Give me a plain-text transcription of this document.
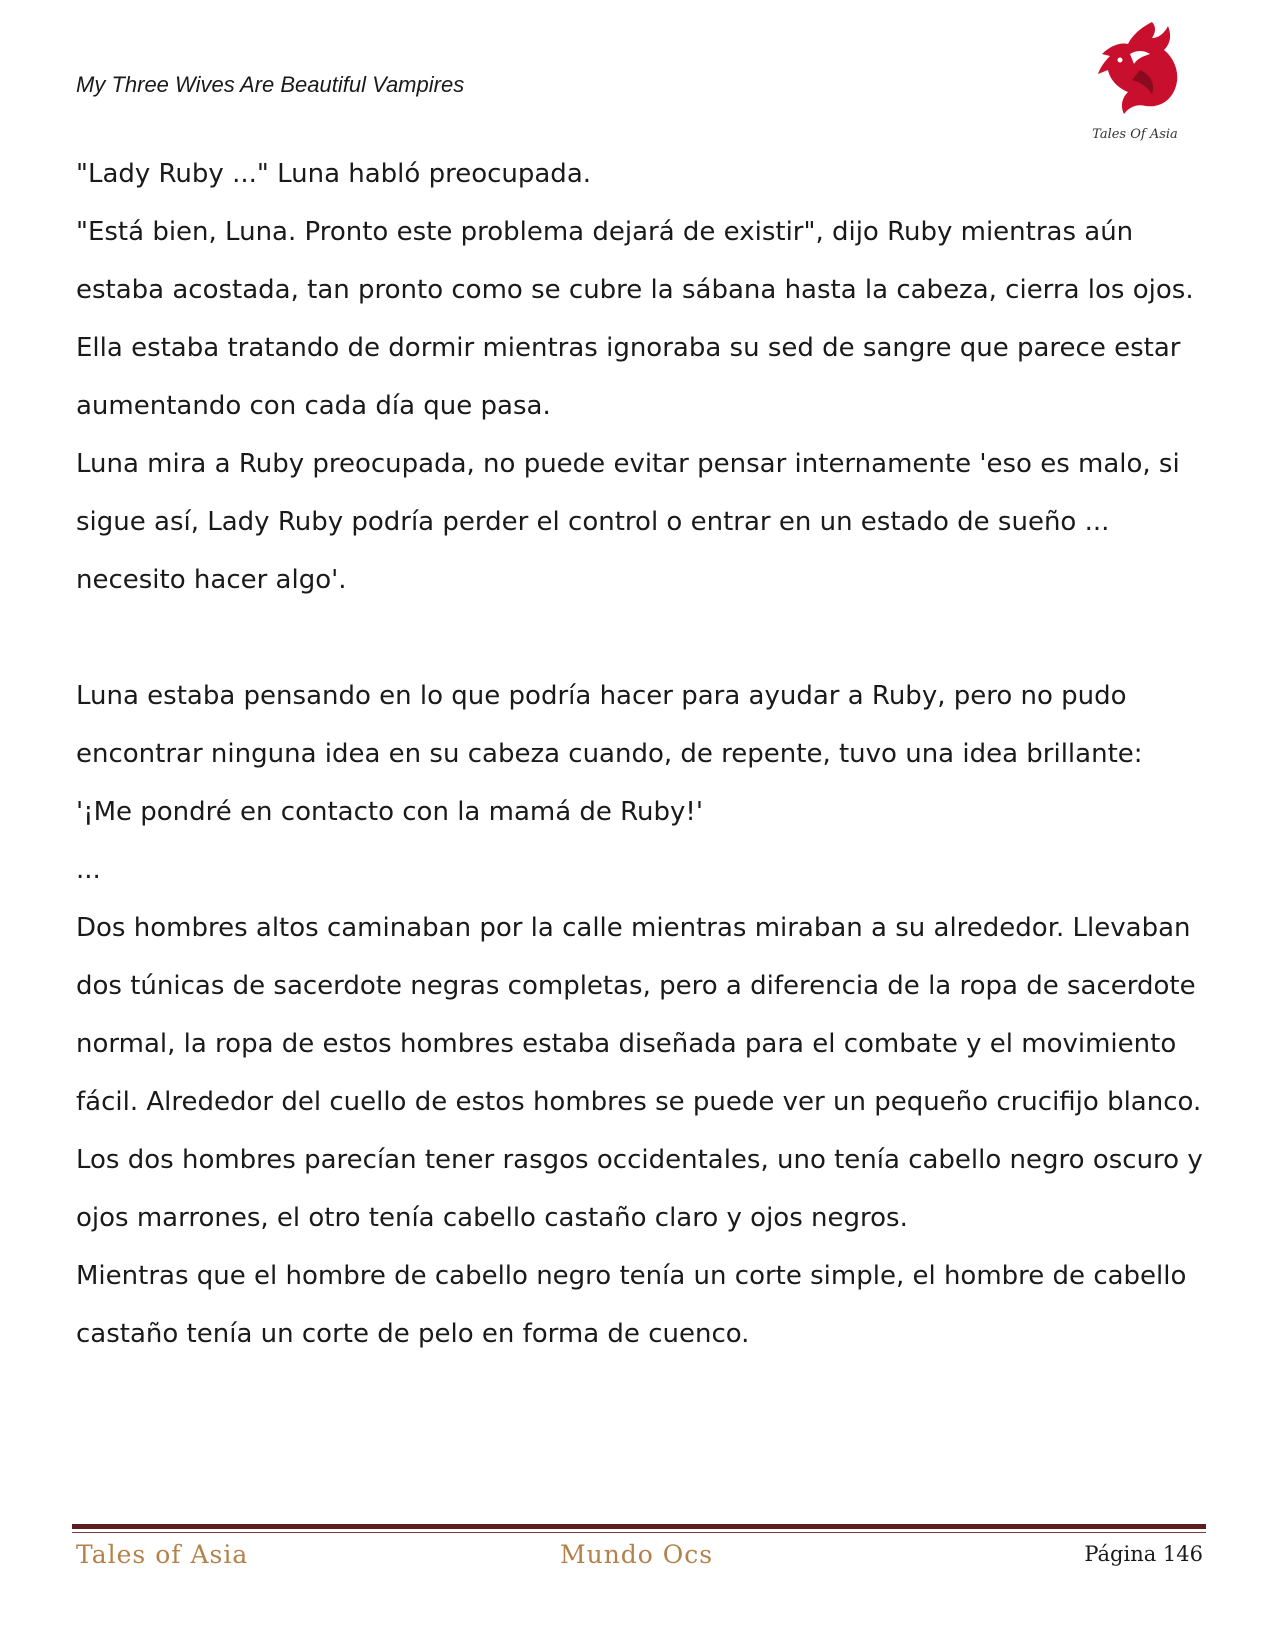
My Three Wives Are Beautiful Vampires
Tales Of Asia

"Lady Ruby ..." Luna habló preocupada.

"Está bien, Luna. Pronto este problema dejará de existir", dijo Ruby mientras aún estaba acostada, tan pronto como se cubre la sábana hasta la cabeza, cierra los ojos. Ella estaba tratando de dormir mientras ignoraba su sed de sangre que parece estar aumentando con cada día que pasa.

Luna mira a Ruby preocupada, no puede evitar pensar internamente 'eso es malo, si sigue así, Lady Ruby podría perder el control o entrar en un estado de sueño ... necesito hacer algo'.

Luna estaba pensando en lo que podría hacer para ayudar a Ruby, pero no pudo encontrar ninguna idea en su cabeza cuando, de repente, tuvo una idea brillante: '¡Me pondré en contacto con la mamá de Ruby!'

...

Dos hombres altos caminaban por la calle mientras miraban a su alrededor. Llevaban dos túnicas de sacerdote negras completas, pero a diferencia de la ropa de sacerdote normal, la ropa de estos hombres estaba diseñada para el combate y el movimiento fácil. Alrededor del cuello de estos hombres se puede ver un pequeño crucifijo blanco.

Los dos hombres parecían tener rasgos occidentales, uno tenía cabello negro oscuro y ojos marrones, el otro tenía cabello castaño claro y ojos negros.

Mientras que el hombre de cabello negro tenía un corte simple, el hombre de cabello castaño tenía un corte de pelo en forma de cuenco.

Tales of Asia	Mundo Ocs	Página 146
